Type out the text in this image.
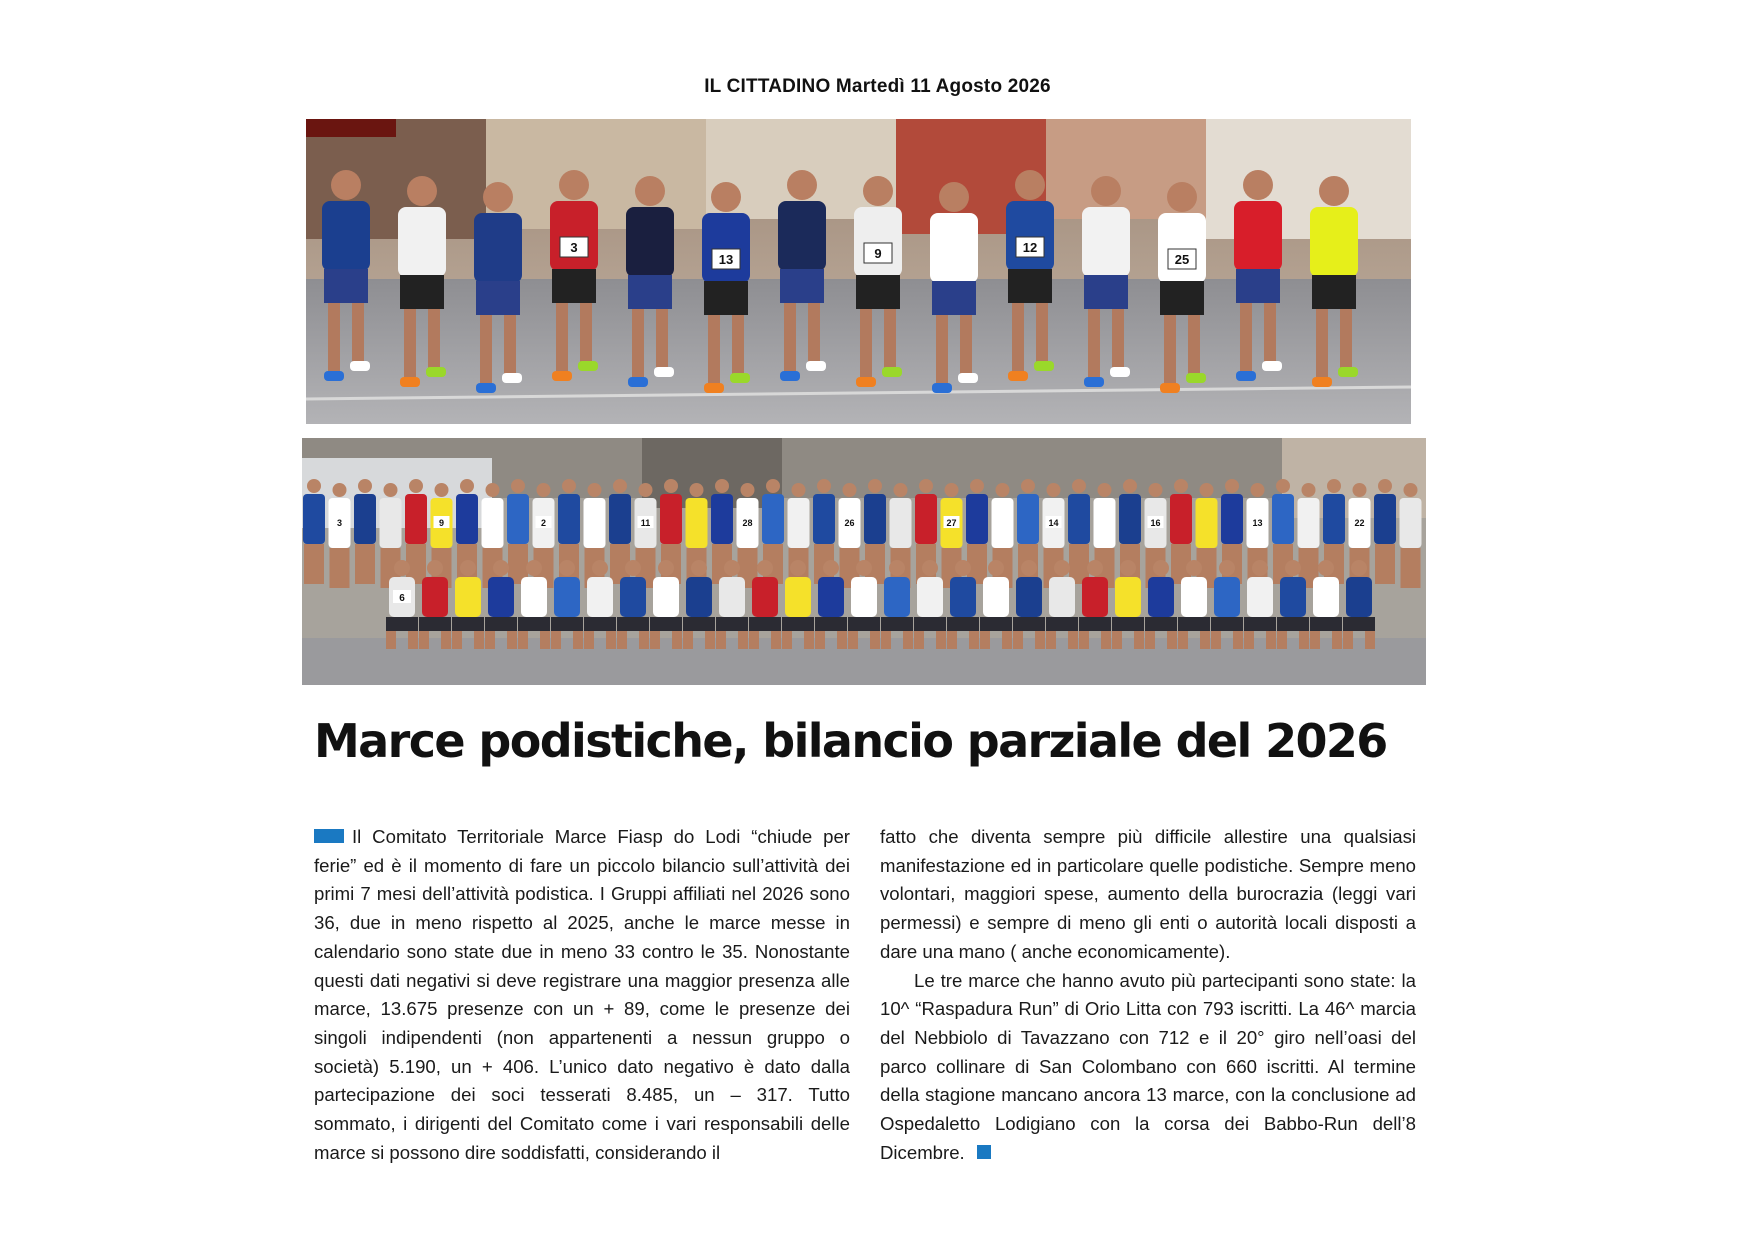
IL CITTADINO Martedì 11 Agosto 2026
3
13	9	12
25
3	9	2	11	28	26	27	14	16	13	22
6
Marce podistiche, bilancio parziale del 2026

Il Comitato Territoriale Marce Fiasp do Lodi “chiude per ferie” ed è il momento di fare un piccolo bilancio sull’attività dei primi 7 mesi dell’attività podistica. I Gruppi affiliati nel 2026 sono 36, due in meno rispetto al 2025, anche le marce messe in calendario sono state due in meno 33 contro le 35. Nonostante questi dati negativi si deve registrare una maggior presenza alle marce, 13.675 presenze con un + 89, come le presenze dei singoli indipendenti (non appartenenti a nessun gruppo o società) 5.190, un + 406. L’unico dato negativo è dato dalla partecipazione dei soci tesserati 8.485, un – 317. Tutto sommato, i dirigenti del Comitato come i vari responsabili delle marce si possono dire soddisfatti, considerando il

fatto che diventa sempre più difficile allestire una qualsiasi manifestazione ed in particolare quelle podistiche. Sempre meno volontari, maggiori spese, aumento della burocrazia (leggi vari permessi) e sempre di meno gli enti o autorità locali disposti a dare una mano ( anche economicamente).

Le tre marce che hanno avuto più partecipanti sono state: la 10^ “Raspadura Run” di Orio Litta con 793 iscritti. La 46^ marcia del Nebbiolo di Tavazzano con 712 e il 20° giro nell’oasi del parco collinare di San Colombano con 660 iscritti. Al termine della stagione mancano ancora 13 marce, con la conclusione ad Ospedaletto Lodigiano con la corsa dei Babbo-Run dell’8 Dicembre.
